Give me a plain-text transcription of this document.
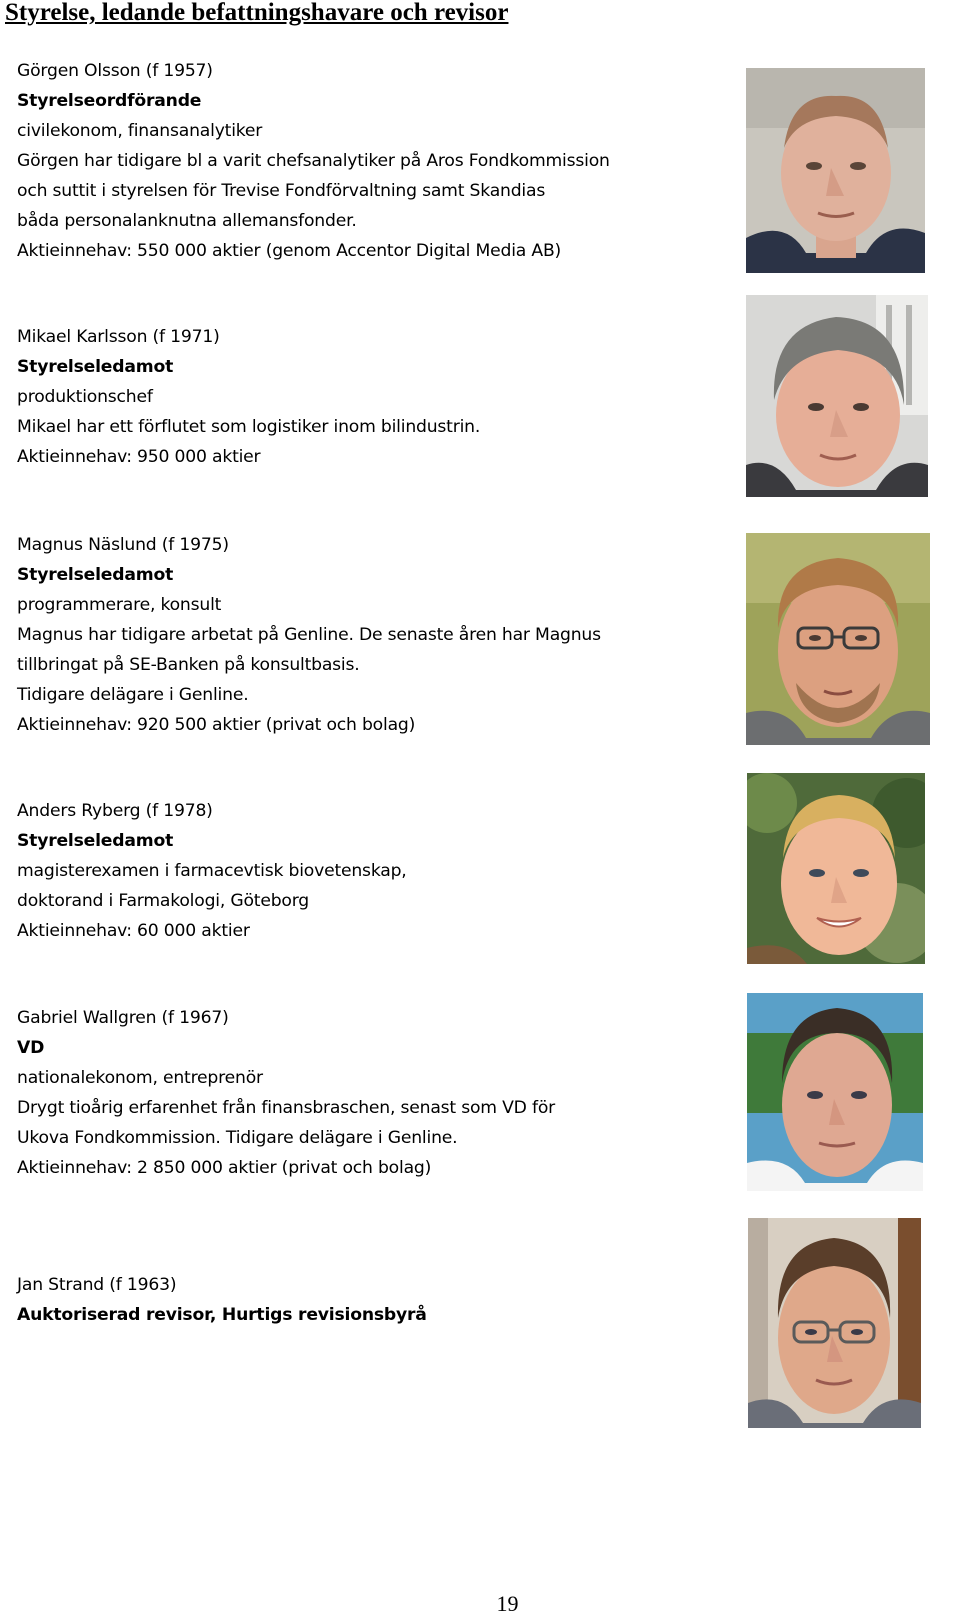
Styrelse, ledande befattningshavare och revisor
Görgen Olsson (f 1957)
Styrelseordförande
civilekonom, finansanalytiker
Görgen har tidigare bl a varit chefsanalytiker på Aros Fondkommission
och suttit i styrelsen för Trevise Fondförvaltning samt Skandias
båda personalanknutna allemansfonder.
Aktieinnehav: 550 000 aktier (genom Accentor Digital Media AB)
Mikael Karlsson (f 1971)
Styrelseledamot
produktionschef
Mikael har ett förflutet som logistiker inom bilindustrin.
Aktieinnehav: 950 000 aktier
Magnus Näslund (f 1975)
Styrelseledamot
programmerare, konsult
Magnus har tidigare arbetat på Genline. De senaste åren har Magnus
tillbringat på SE-Banken på konsultbasis.
Tidigare delägare i Genline.
Aktieinnehav: 920 500 aktier (privat och bolag)
Anders Ryberg (f 1978)
Styrelseledamot
magisterexamen i farmacevtisk biovetenskap,
doktorand i Farmakologi, Göteborg
Aktieinnehav: 60 000 aktier
Gabriel Wallgren (f 1967)
VD
nationalekonom, entreprenör
Drygt tioårig erfarenhet från finansbraschen, senast som VD för
Ukova Fondkommission. Tidigare delägare i Genline.
Aktieinnehav: 2 850 000 aktier (privat och bolag)
Jan Strand (f 1963)
Auktoriserad revisor, Hurtigs revisionsbyrå
19
